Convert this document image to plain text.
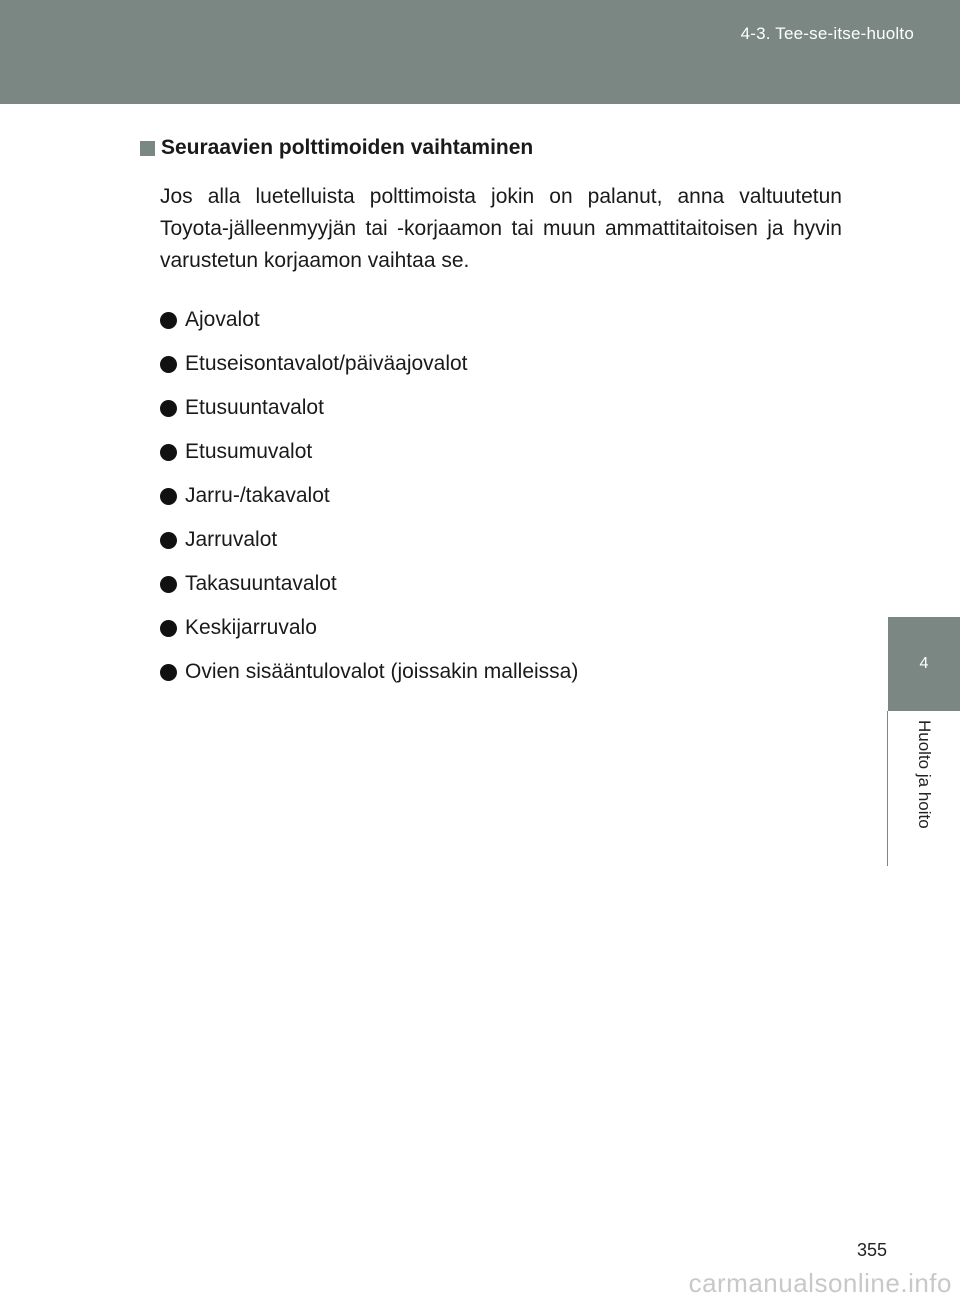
4-3. Tee-se-itse-huolto
4
Huolto ja hoito
Seuraavien polttimoiden vaihtaminen

Jos alla luetelluista polttimoista jokin on palanut, anna valtuutetun Toyota-jälleenmyyjän tai -korjaamon tai muun ammattitaitoisen ja hyvin varustetun korjaamon vaihtaa se.

Ajovalot
Etuseisontavalot/päiväajovalot
Etusuuntavalot
Etusumuvalot
Jarru-/takavalot
Jarruvalot
Takasuuntavalot
Keskijarruvalo
Ovien sisääntulovalot (joissakin malleissa)
355
carmanualsonline.info
